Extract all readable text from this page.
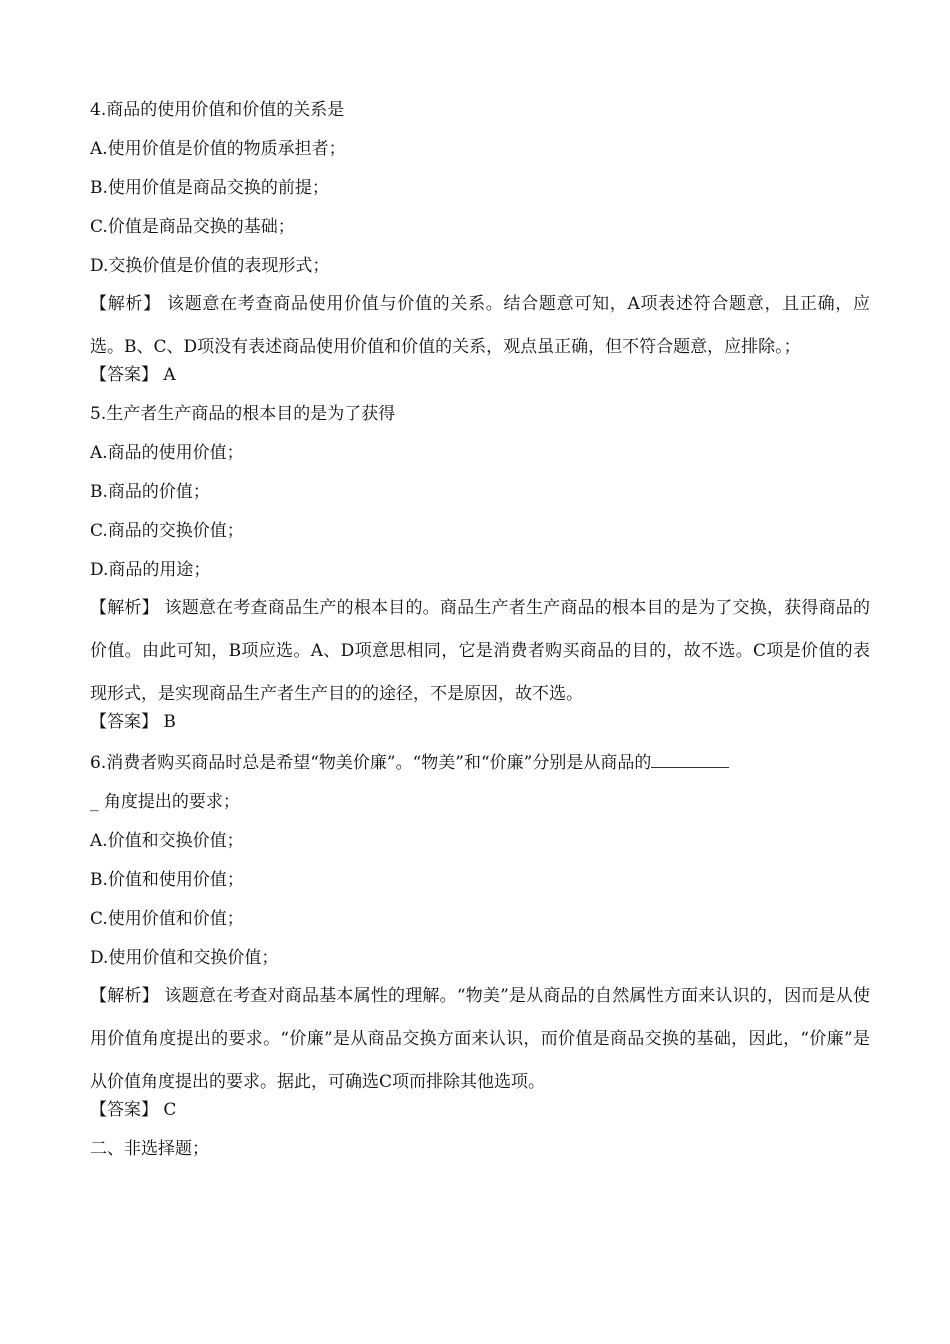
4.商品的使用价值和价值的关系是

A.使用价值是价值的物质承担者；

B.使用价值是商品交换的前提；

C.价值是商品交换的基础；

D.交换价值是价值的表现形式；

【解析】 该题意在考查商品使用价值与价值的关系。结合题意可知，A项表述符合题意，且正确，应选。B、C、D项没有表述商品使用价值和价值的关系，观点虽正确，但不符合题意，应排除。；

【答案】 A

5.生产者生产商品的根本目的是为了获得

A.商品的使用价值；

B.商品的价值；

C.商品的交换价值；

D.商品的用途；

【解析】 该题意在考查商品生产的根本目的。商品生产者生产商品的根本目的是为了交换，获得商品的价值。由此可知，B项应选。A、D项意思相同，它是消费者购买商品的目的，故不选。C项是价值的表现形式，是实现商品生产者生产目的的途径，不是原因，故不选。

【答案】 B

6.消费者购买商品时总是希望“物美价廉”。“物美”和“价廉”分别是从商品的

_ 角度提出的要求；

A.价值和交换价值；

B.价值和使用价值；

C.使用价值和价值；

D.使用价值和交换价值；

【解析】 该题意在考查对商品基本属性的理解。“物美”是从商品的自然属性方面来认识的，因而是从使用价值角度提出的要求。“价廉”是从商品交换方面来认识，而价值是商品交换的基础，因此，“价廉”是从价值角度提出的要求。据此，可确选C项而排除其他选项。

【答案】 C

二、非选择题；
